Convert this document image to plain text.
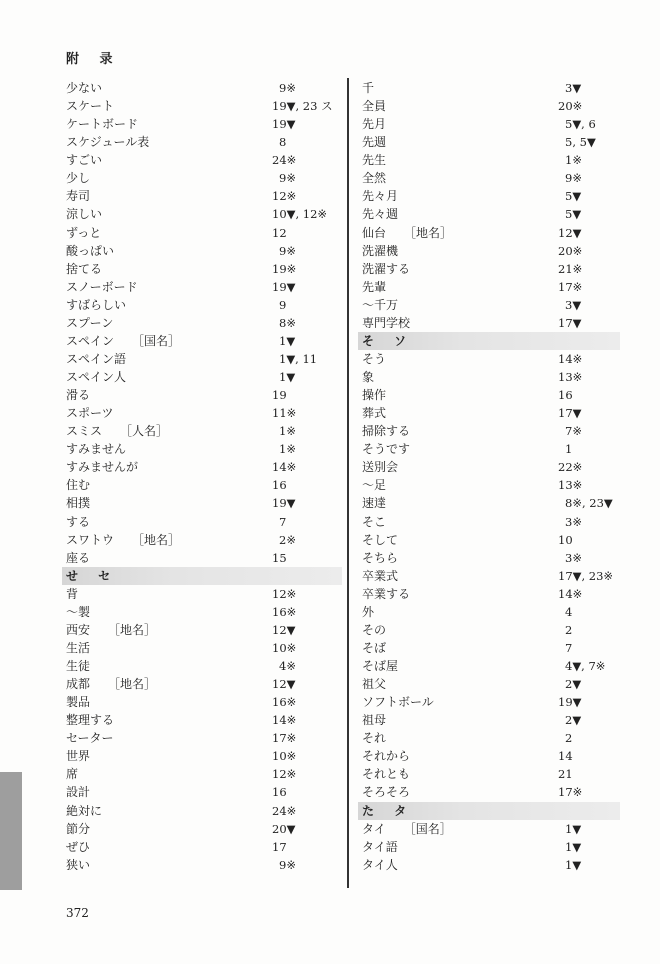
附 录
少ない	9※
スケート	19▼, 23 ス
ケートボード	19▼
スケジュール表	8
すごい	24※
少し	9※
寿司	12※
涼しい	10▼, 12※
ずっと	12
酸っぱい	9※
捨てる	19※
スノーボード	19▼
すばらしい	9
スプーン	8※
スペイン ［国名］	1▼
スペイン語	1▼, 11
スペイン人	1▼
滑る	19
スポーツ	11※
スミス ［人名］	1※
すみません	1※
すみませんが	14※
住む	16
相撲	19▼
する	7
スワトウ ［地名］	2※
座る	15
せ セ
背	12※
～製	16※
西安 ［地名］	12▼
生活	10※
生徒	4※
成都 ［地名］	12▼
製品	16※
整理する	14※
セーター	17※
世界	10※
席	12※
設計	16
絶対に	24※
節分	20▼
ぜひ	17
狭い	9※
千	3▼
全員	20※
先月	5▼, 6
先週	5, 5▼
先生	1※
全然	9※
先々月	5▼
先々週	5▼
仙台 ［地名］	12▼
洗濯機	20※
洗濯する	21※
先輩	17※
～千万	3▼
専門学校	17▼
そ ソ
そう	14※
象	13※
操作	16
葬式	17▼
掃除する	7※
そうです	1
送別会	22※
～足	13※
速達	8※, 23▼
そこ	3※
そして	10
そちら	3※
卒業式	17▼, 23※
卒業する	14※
外	4
その	2
そば	7
そば屋	4▼, 7※
祖父	2▼
ソフトボール	19▼
祖母	2▼
それ	2
それから	14
それとも	21
そろそろ	17※
た タ
タイ ［国名］	1▼
タイ語	1▼
タイ人	1▼
372
